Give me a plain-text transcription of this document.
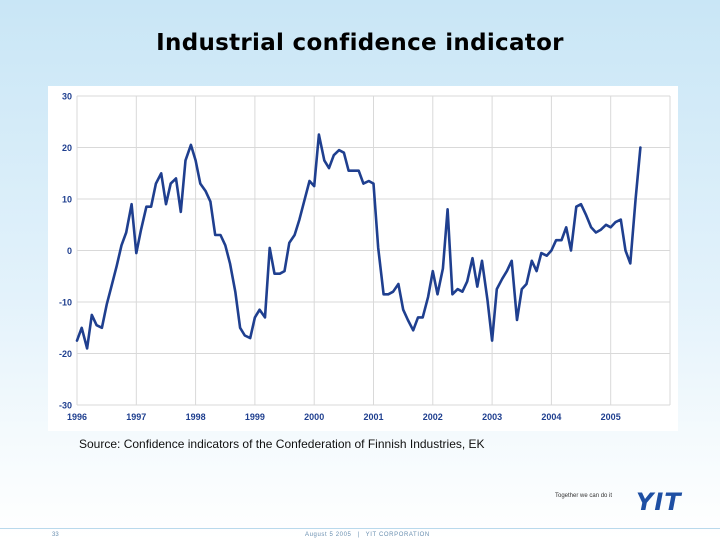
Industrial confidence indicator
30
20
10
0
-10
-20
-30
1996	1997	1998	1999	2000	2001	2002	2003	2004	2005
Source: Confidence indicators of the Confederation of Finnish Industries, EK
Together we can do it YIT
33	August 5 2005 | YIT CORPORATION
